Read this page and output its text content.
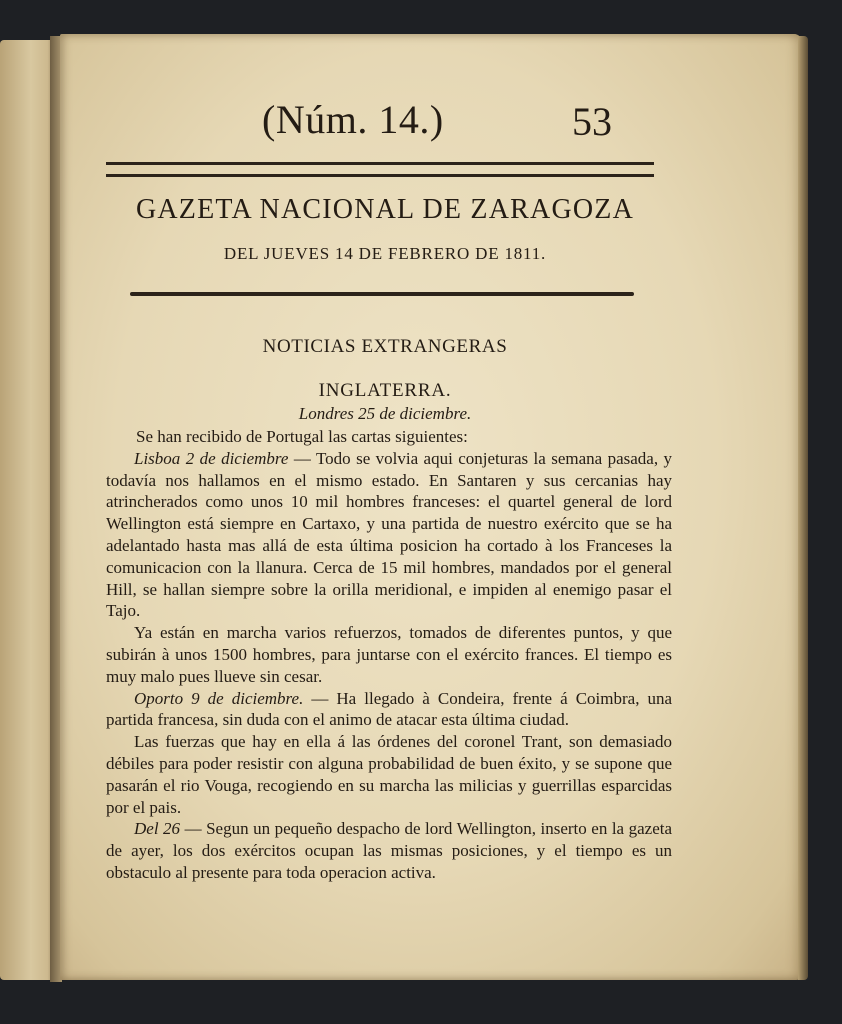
(Núm. 14.)	53
GAZETA NACIONAL DE ZARAGOZA
DEL JUEVES 14 DE FEBRERO DE 1811.
NOTICIAS EXTRANGERAS
INGLATERRA.
Londres 25 de diciembre.

Se han recibido de Portugal las cartas siguientes:

Lisboa 2 de diciembre — Todo se volvia aqui conjeturas la semana pasada, y todavía nos hallamos en el mismo estado. En Santaren y sus cercanias hay atrincherados como unos 10 mil hombres franceses: el quartel general de lord Wellington está siempre en Cartaxo, y una partida de nuestro exército que se ha adelantado hasta mas allá de esta última posicion ha cortado à los Franceses la comunicacion con la llanura. Cerca de 15 mil hombres, mandados por el general Hill, se hallan siempre sobre la orilla meridional, e impiden al enemigo pasar el Tajo.

Ya están en marcha varios refuerzos, tomados de diferentes puntos, y que subirán à unos 1500 hombres, para juntarse con el exército frances. El tiempo es muy malo pues llueve sin cesar.

Oporto 9 de diciembre. — Ha llegado à Condeira, frente á Coimbra, una partida francesa, sin duda con el animo de atacar esta última ciudad.

Las fuerzas que hay en ella á las órdenes del coronel Trant, son demasiado débiles para poder resistir con alguna probabilidad de buen éxito, y se supone que pasarán el rio Vouga, recogiendo en su marcha las milicias y guerrillas esparcidas por el pais.

Del 26 — Segun un pequeño despacho de lord Wellington, inserto en la gazeta de ayer, los dos exércitos ocupan las mismas posiciones, y el tiempo es un obstaculo al presente para toda operacion activa.
